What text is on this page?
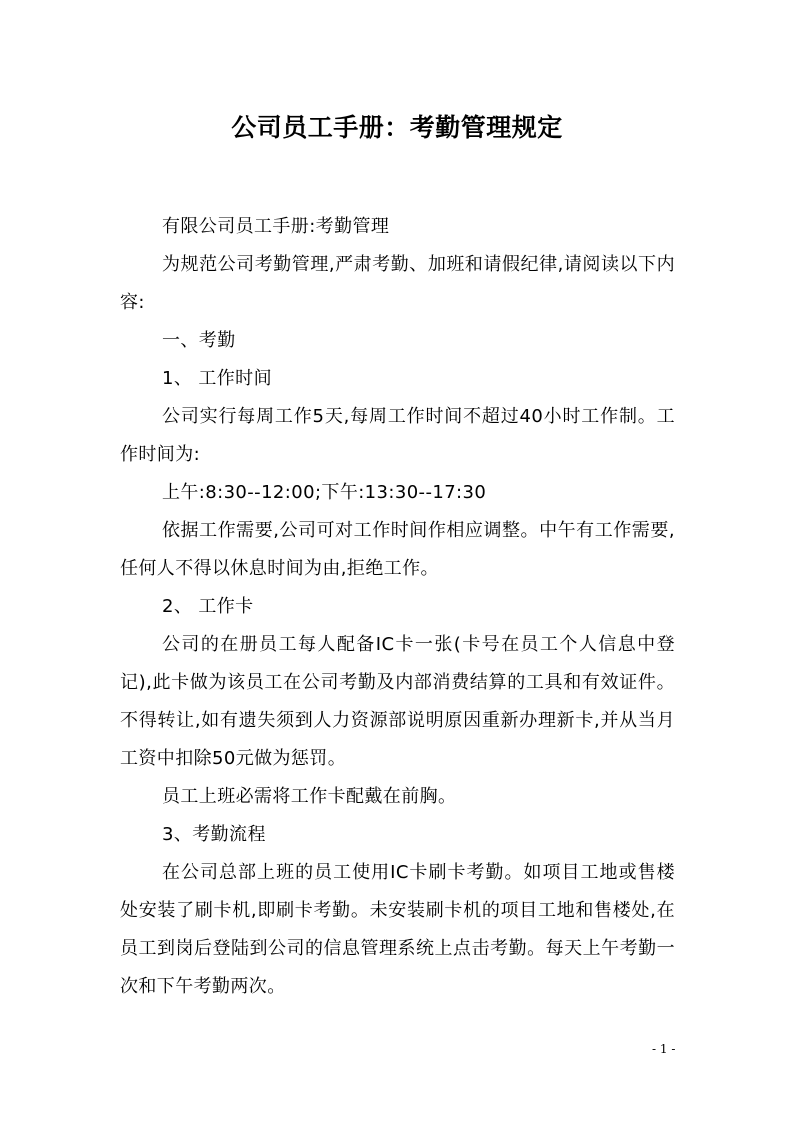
公司员工手册：考勤管理规定

有限公司员工手册:考勤管理

为规范公司考勤管理,严肃考勤、加班和请假纪律,请阅读以下内容:

一、考勤

1、 工作时间

公司实行每周工作5天,每周工作时间不超过40小时工作制。工作时间为:

上午:8:30--12:00;下午:13:30--17:30

依据工作需要,公司可对工作时间作相应调整。中午有工作需要,任何人不得以休息时间为由,拒绝工作。

2、 工作卡

公司的在册员工每人配备IC卡一张(卡号在员工个人信息中登记),此卡做为该员工在公司考勤及内部消费结算的工具和有效证件。不得转让,如有遗失须到人力资源部说明原因重新办理新卡,并从当月工资中扣除50元做为惩罚。

员工上班必需将工作卡配戴在前胸。

3、考勤流程

在公司总部上班的员工使用IC卡刷卡考勤。如项目工地或售楼处安装了刷卡机,即刷卡考勤。未安装刷卡机的项目工地和售楼处,在员工到岗后登陆到公司的信息管理系统上点击考勤。每天上午考勤一次和下午考勤两次。

- 1 -
